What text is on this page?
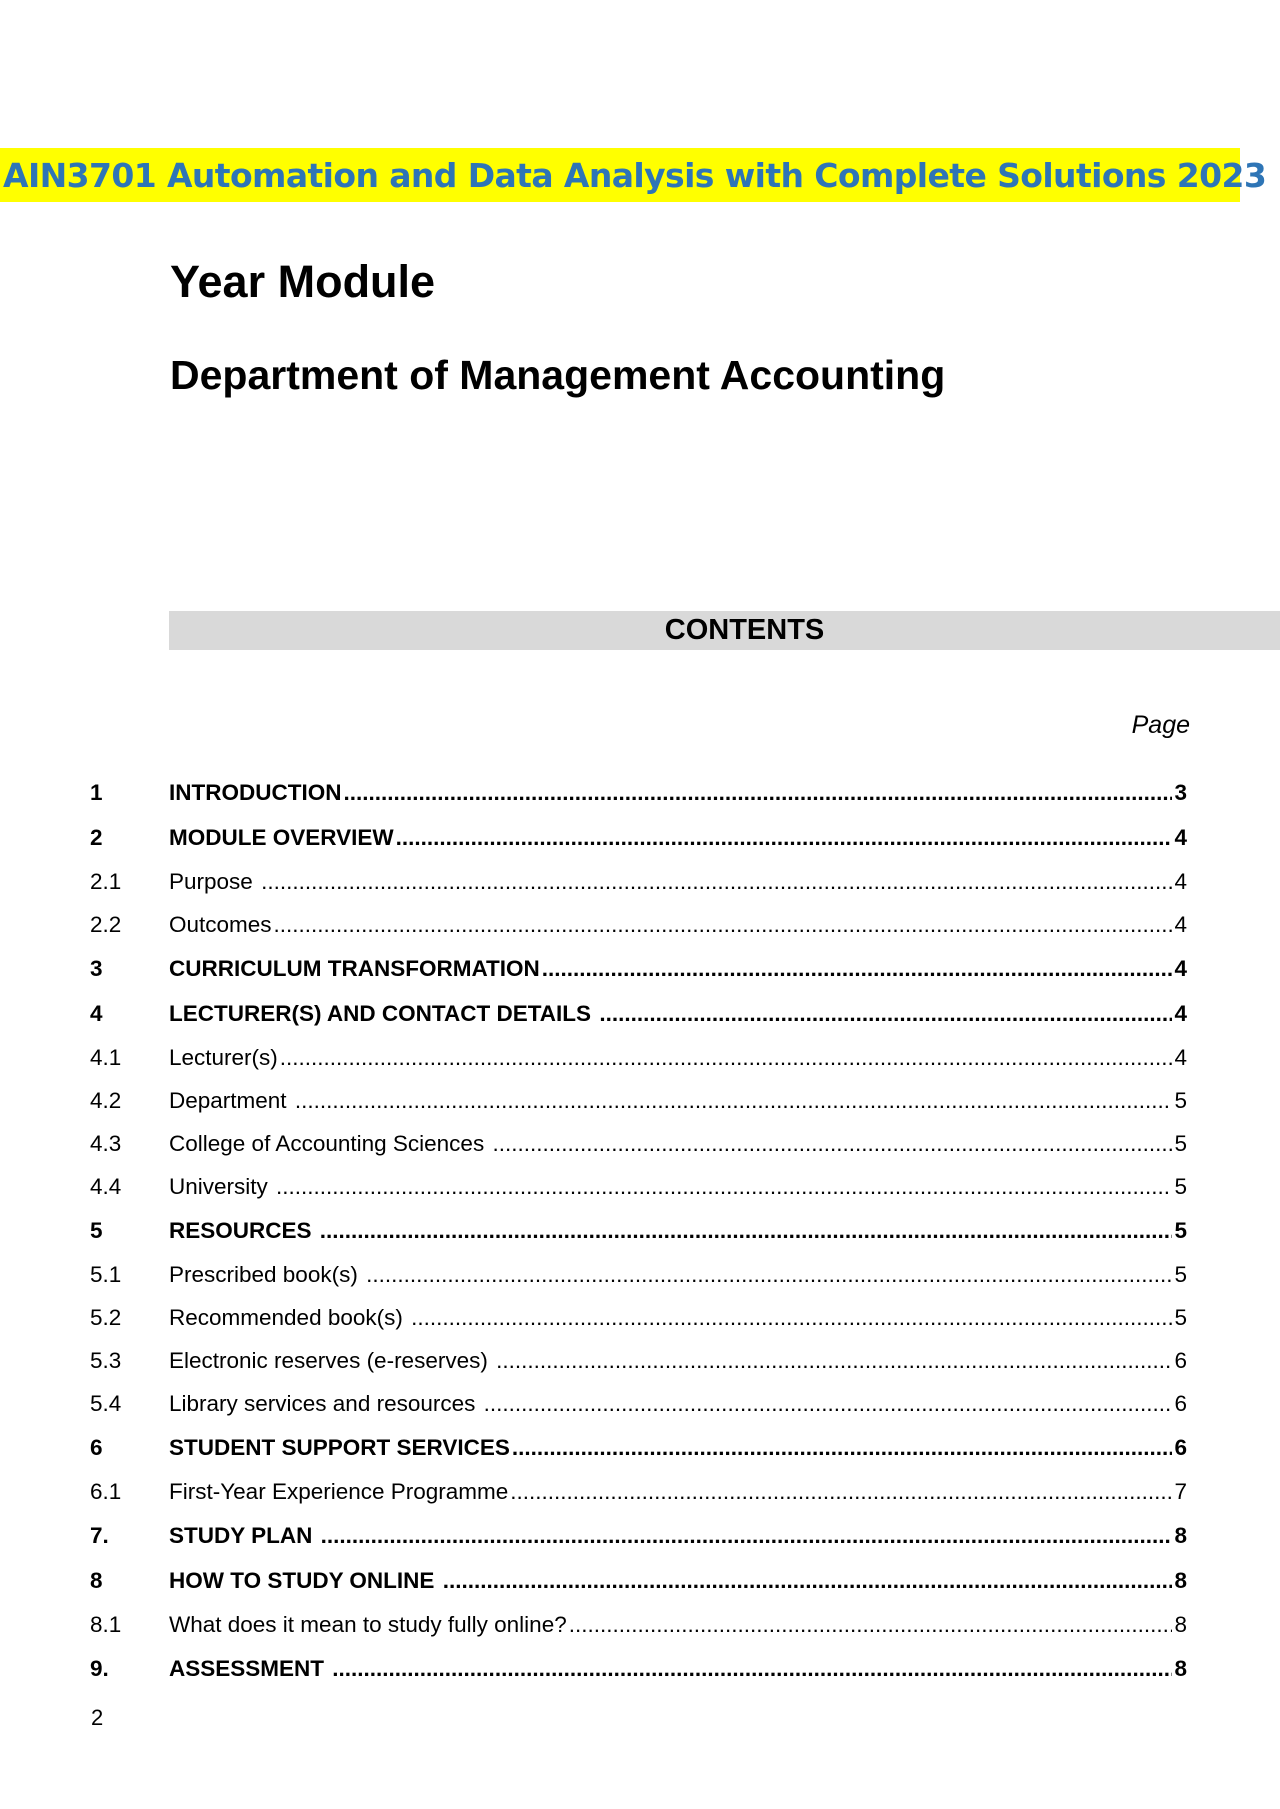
AIN3701 Automation and Data Analysis with Complete Solutions 2023
Year Module
Department of Management Accounting
CONTENTS
Page
1	INTRODUCTION .....	3
2	MODULE OVERVIEW .....	4
2.1	Purpose .....	4
2.2	Outcomes .....	4
3	CURRICULUM TRANSFORMATION .....	4
4	LECTURER(S) AND CONTACT DETAILS .....	4
4.1	Lecturer(s) .....	4
4.2	Department .....	5
4.3	College of Accounting Sciences .....	5
4.4	University .....	5
5	RESOURCES .....	5
5.1	Prescribed book(s) .....	5
5.2	Recommended book(s) .....	5
5.3	Electronic reserves (e-reserves) .....	6
5.4	Library services and resources .....	6
6	STUDENT SUPPORT SERVICES .....	6
6.1	First-Year Experience Programme .....	7
7.	STUDY PLAN .....	8
8	HOW TO STUDY ONLINE .....	8
8.1	What does it mean to study fully online? .....	8
9.	ASSESSMENT .....	8
2
